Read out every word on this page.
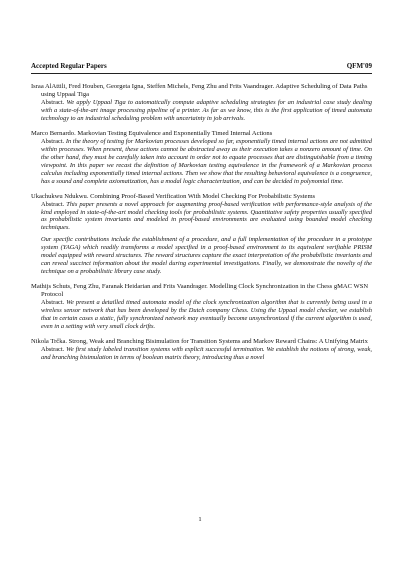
Accepted Regular Papers	QFM'09
Israa AlAttili, Fred Houben, Georgeta Igna, Steffen Michels, Feng Zhu and Frits Vaandrager. Adaptive Scheduling of Data Paths using Uppaal Tiga
Abstract. We apply Uppaal Tiga to automatically compute adaptive scheduling strategies for an industrial case study dealing with a state-of-the-art image processing pipeline of a printer. As far as we know, this is the first application of timed automata technology to an industrial scheduling problem with uncertainty in job arrivals.
Marco Bernardo. Markovian Testing Equivalence and Exponentially Timed Internal Actions
Abstract. In the theory of testing for Markovian processes developed so far, exponentially timed internal actions are not admitted within processes. When present, these actions cannot be abstracted away as their execution takes a nonzero amount of time. On the other hand, they must be carefully taken into account in order not to equate processes that are distinguishable from a timing viewpoint. In this paper we recast the definition of Markovian testing equivalence in the framework of a Markovian process calculus including exponentially timed internal actions. Then we show that the resulting behavioral equivalence is a congruence, has a sound and complete axiomatization, has a modal logic characterization, and can be decided in polynomial time.
Ukachukwu Ndukwu. Combining Proof-Based Verification With Model Checking For Probabilistic Systems
Abstract. This paper presents a novel approach for augmenting proof-based verification with performance-style analysis of the kind employed in state-of-the-art model checking tools for probabilistic systems. Quantitative safety properties usually specified as probabilistic system invariants and modeled in proof-based environments are evaluated using bounded model checking techniques.
Our specific contributions include the establishment of a procedure, and a full implementation of the procedure in a prototype system (YAGA) which readily transforms a model specified in a proof-based environment to its equivalent verifiable PRISM model equipped with reward structures. The reward structures capture the exact interpretation of the probabilistic invariants and can reveal succinct information about the model during experimental investigations. Finally, we demonstrate the novelty of the technique on a probabilistic library case study.
Mathijs Schuts, Feng Zhu, Faranak Heidarian and Frits Vaandrager. Modelling Clock Synchronization in the Chess gMAC WSN Protocol
Abstract. We present a detailled timed automata model of the clock synchronization algorithm that is currently being used in a wireless sensor network that has been developed by the Dutch company Chess. Using the Uppaal model checker, we establish that in certain cases a static, fully synchronized network may eventually become unsynchronized if the current algorithm is used, even in a setting with very small clock drifts.
Nikola Trčka. Strong, Weak and Branching Bisimulation for Transition Systems and Markov Reward Chains: A Unifying Matrix
Abstract. We first study labeled transition systems with explicit successful termination. We establish the notions of strong, weak, and branching bisimulation in terms of boolean matrix theory, introducing thus a novel
1
